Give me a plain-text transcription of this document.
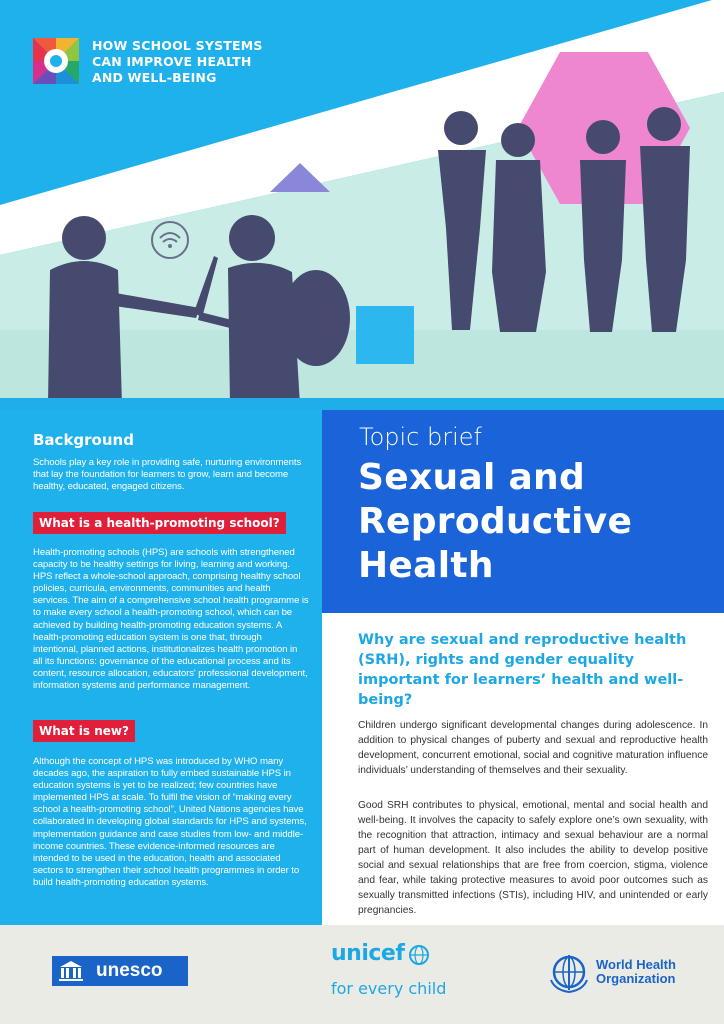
HOW SCHOOL SYSTEMS
CAN IMPROVE HEALTH
AND WELL-BEING
Background
Schools play a key role in providing safe, nurturing environments that lay the foundation for learners to grow, learn and become healthy, educated, engaged citizens.
What is a health-promoting school?
Health-promoting schools (HPS) are schools with strengthened capacity to be healthy settings for living, learning and working. HPS reflect a whole-school approach, comprising healthy school policies, curricula, environments, communities and health services. The aim of a comprehensive school health programme is to make every school a health-promoting school, which can be achieved by building health-promoting education systems. A health-promoting education system is one that, through intentional, planned actions, institutionalizes health promotion in all its functions: governance of the educational process and its content, resource allocation, educators' professional development, information systems and performance management.
What is new?
Although the concept of HPS was introduced by WHO many decades ago, the aspiration to fully embed sustainable HPS in education systems is yet to be realized; few countries have implemented HPS at scale. To fulfil the vision of “making every school a health-promoting school”, United Nations agencies have collaborated in developing global standards for HPS and systems, implementation guidance and case studies from low- and middle-income countries. These evidence-informed resources are intended to be used in the education, health and associated sectors to strengthen their school health programmes in order to build health-promoting education systems.
Topic brief
Sexual and
Reproductive
Health
Why are sexual and reproductive health (SRH), rights and gender equality important for learners’ health and well-being?
Children undergo significant developmental changes during adolescence. In addition to physical changes of puberty and sexual and reproductive health development, concurrent emotional, social and cognitive maturation influence individuals’ understanding of themselves and their sexuality.
Good SRH contributes to physical, emotional, mental and social health and well-being. It involves the capacity to safely explore one’s own sexuality, with the recognition that attraction, intimacy and sexual behaviour are a normal part of human development. It also includes the ability to develop positive social and sexual relationships that are free from coercion, stigma, violence and fear, while taking protective measures to avoid poor outcomes such as sexually transmitted infections (STIs), including HIV, and unintended or early pregnancies.
unesco
unicef
for every child
World Health
Organization
